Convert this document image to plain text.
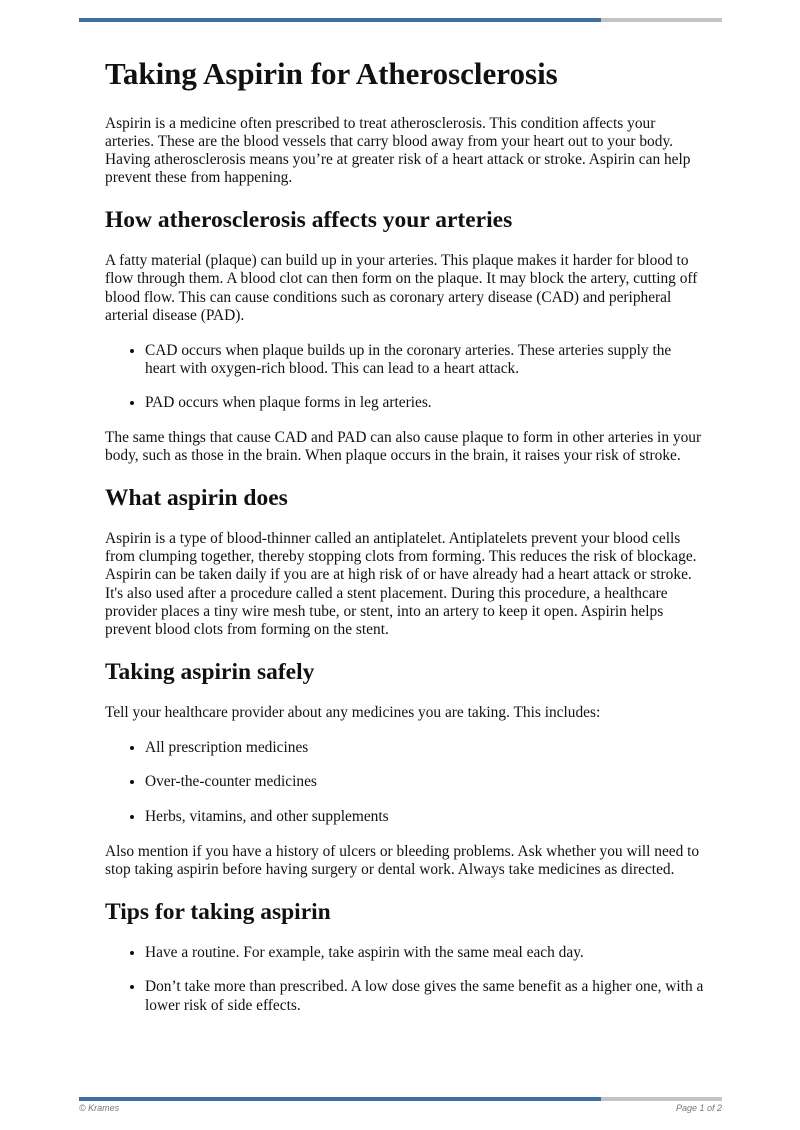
Taking Aspirin for Atherosclerosis

Aspirin is a medicine often prescribed to treat atherosclerosis. This condition affects your arteries. These are the blood vessels that carry blood away from your heart out to your body. Having atherosclerosis means you’re at greater risk of a heart attack or stroke. Aspirin can help prevent these from happening.

How atherosclerosis affects your arteries

A fatty material (plaque) can build up in your arteries. This plaque makes it harder for blood to flow through them. A blood clot can then form on the plaque. It may block the artery, cutting off blood flow. This can cause conditions such as coronary artery disease (CAD) and peripheral arterial disease (PAD).

• CAD occurs when plaque builds up in the coronary arteries. These arteries supply the heart with oxygen-rich blood. This can lead to a heart attack.
• PAD occurs when plaque forms in leg arteries.

The same things that cause CAD and PAD can also cause plaque to form in other arteries in your body, such as those in the brain. When plaque occurs in the brain, it raises your risk of stroke.

What aspirin does

Aspirin is a type of blood-thinner called an antiplatelet. Antiplatelets prevent your blood cells from clumping together, thereby stopping clots from forming. This reduces the risk of blockage. Aspirin can be taken daily if you are at high risk of or have already had a heart attack or stroke. It's also used after a procedure called a stent placement. During this procedure, a healthcare provider places a tiny wire mesh tube, or stent, into an artery to keep it open. Aspirin helps prevent blood clots from forming on the stent.

Taking aspirin safely

Tell your healthcare provider about any medicines you are taking. This includes:

• All prescription medicines
• Over-the-counter medicines
• Herbs, vitamins, and other supplements

Also mention if you have a history of ulcers or bleeding problems. Ask whether you will need to stop taking aspirin before having surgery or dental work. Always take medicines as directed.

Tips for taking aspirin
• Have a routine. For example, take aspirin with the same meal each day.
• Don’t take more than prescribed. A low dose gives the same benefit as a higher one, with a lower risk of side effects.
© Krames	Page 1 of 2
